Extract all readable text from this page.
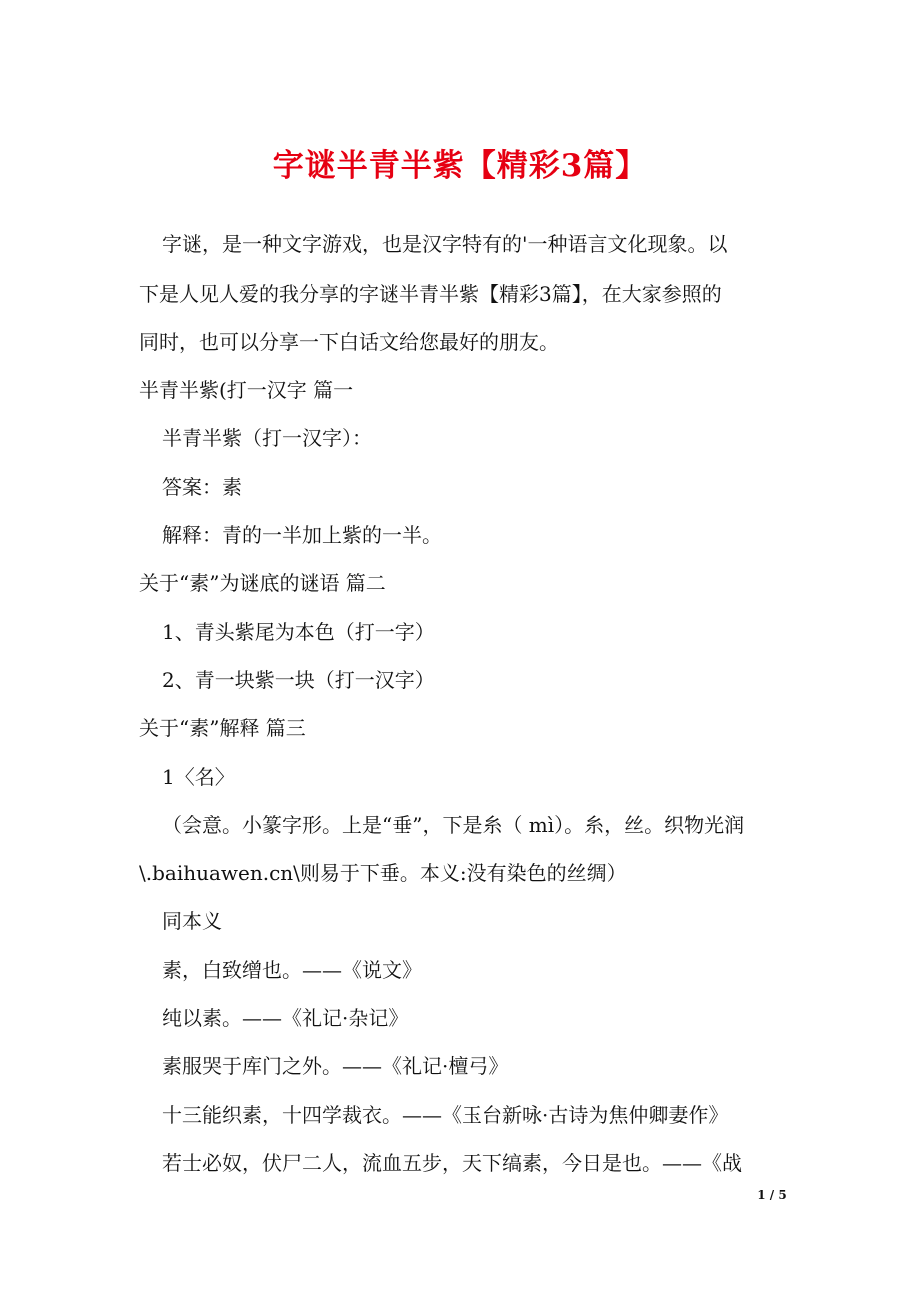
字谜半青半紫【精彩3篇】
字谜，是一种文字游戏，也是汉字特有的'一种语言文化现象。以
下是人见人爱的我分享的字谜半青半紫【精彩3篇】，在大家参照的
同时，也可以分享一下白话文给您最好的朋友。
半青半紫(打一汉字 篇一
半青半紫（打一汉字）：
答案：素
解释：青的一半加上紫的一半。
关于“素”为谜底的谜语 篇二
1、青头紫尾为本色（打一字）
2、青一块紫一块（打一汉字）
关于“素”解释 篇三
1〈名〉
（会意。小篆字形。上是“垂”，下是糸（ mì）。糸，丝。织物光润
\.baihuawen.cn\则易于下垂。本义:没有染色的丝绸）
同本义
素，白致缯也。——《说文》
纯以素。——《礼记·杂记》
素服哭于库门之外。——《礼记·檀弓》
十三能织素，十四学裁衣。——《玉台新咏·古诗为焦仲卿妻作》
若士必奴，伏尸二人，流血五步，天下缟素，今日是也。——《战
1 / 5
